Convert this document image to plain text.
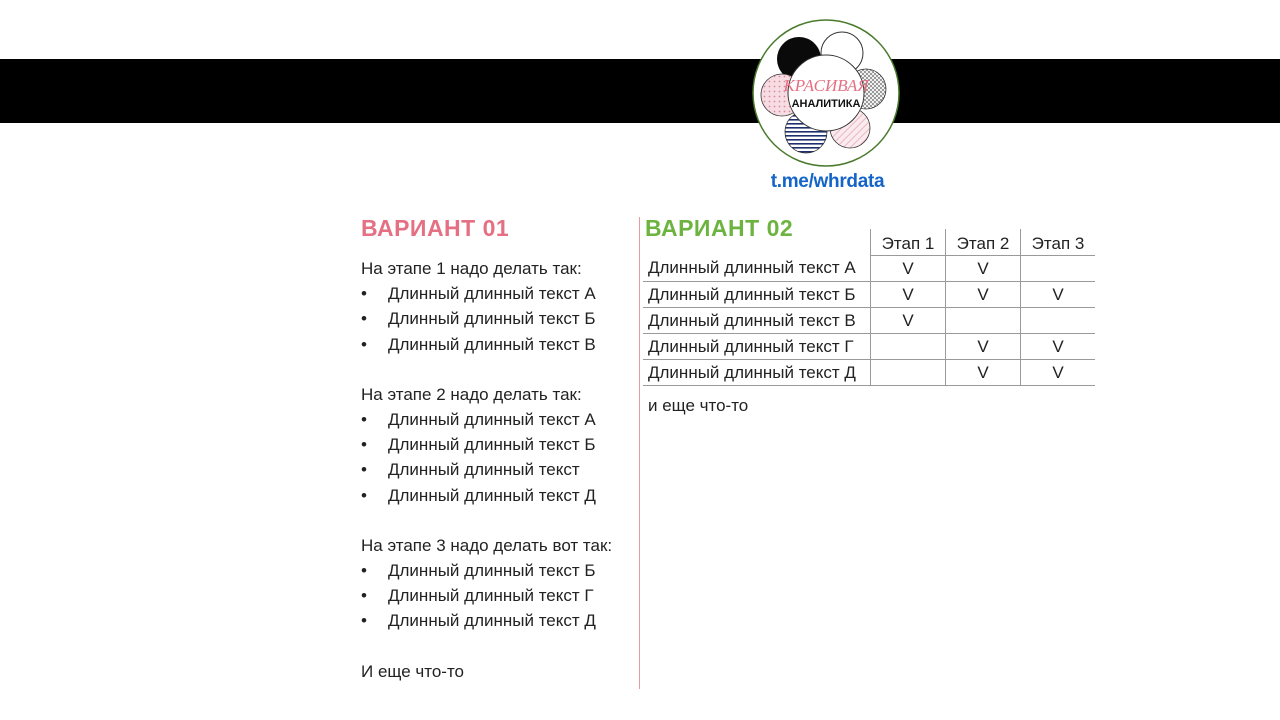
КРАСИВАЯ
АНАЛИТИКА
t.me/whrdata
ВАРИАНТ 01	ВАРИАНТ 02

На этапе 1 надо делать так:

• Длинный длинный текст А
• Длинный длинный текст Б
• Длинный длинный текст В

На этапе 2 надо делать так:

• Длинный длинный текст А
• Длинный длинный текст Б
• Длинный длинный текст
• Длинный длинный текст Д

На этапе 3 надо делать вот так:

• Длинный длинный текст Б
• Длинный длинный текст Г
• Длинный длинный текст Д

И еще что-то

	Этап 1	Этап 2	Этап 3
Длинный длинный текст А	V	V	
Длинный длинный текст Б	V	V	V
Длинный длинный текст В	V		
Длинный длинный текст Г		V	V
Длинный длинный текст Д		V	V
и еще что-то
